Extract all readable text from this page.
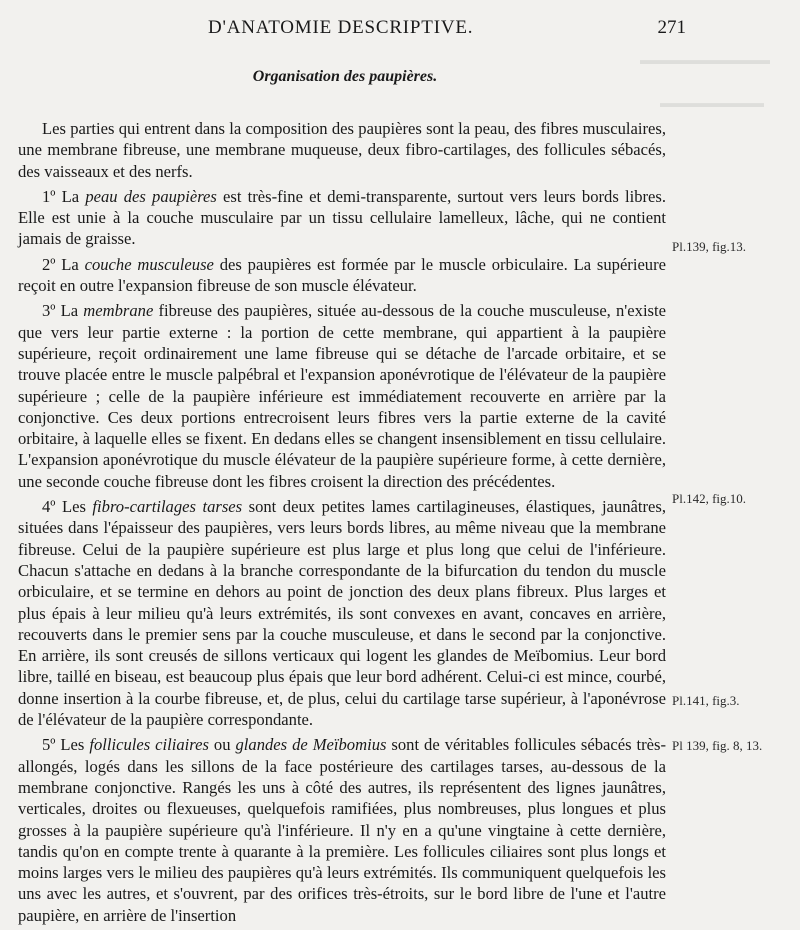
▬▬▬▬▬▬▬▬▬▬
▬▬▬▬▬▬▬▬
D'ANATOMIE DESCRIPTIVE.	271
Organisation des paupières.

Les parties qui entrent dans la composition des paupières sont la peau, des fibres musculaires, une membrane fibreuse, une membrane muqueuse, deux fibro-cartilages, des follicules sébacés, des vaisseaux et des nerfs.

1º La peau des paupières est très-fine et demi-transparente, surtout vers leurs bords libres. Elle est unie à la couche musculaire par un tissu cellulaire lamelleux, lâche, qui ne contient jamais de graisse.

2º La couche musculeuse des paupières est formée par le muscle orbiculaire. La supérieure reçoit en outre l'expansion fibreuse de son muscle élévateur.

3º La membrane fibreuse des paupières, située au-dessous de la couche musculeuse, n'existe que vers leur partie externe : la portion de cette membrane, qui appartient à la paupière supérieure, reçoit ordinairement une lame fibreuse qui se détache de l'arcade orbitaire, et se trouve placée entre le muscle palpébral et l'expansion aponévrotique de l'élévateur de la paupière supérieure ; celle de la paupière inférieure est immédiatement recouverte en arrière par la conjonctive. Ces deux portions entrecroisent leurs fibres vers la partie externe de la cavité orbitaire, à laquelle elles se fixent. En dedans elles se changent insensiblement en tissu cellulaire. L'expansion aponévrotique du muscle élévateur de la paupière supérieure forme, à cette dernière, une seconde couche fibreuse dont les fibres croisent la direction des précédentes.

4º Les fibro-cartilages tarses sont deux petites lames cartilagineuses, élastiques, jaunâtres, situées dans l'épaisseur des paupières, vers leurs bords libres, au même niveau que la membrane fibreuse. Celui de la paupière supérieure est plus large et plus long que celui de l'inférieure. Chacun s'attache en dedans à la branche correspondante de la bifurcation du tendon du muscle orbiculaire, et se termine en dehors au point de jonction des deux plans fibreux. Plus larges et plus épais à leur milieu qu'à leurs extrémités, ils sont convexes en avant, concaves en arrière, recouverts dans le premier sens par la couche musculeuse, et dans le second par la conjonctive. En arrière, ils sont creusés de sillons verticaux qui logent les glandes de Meïbomius. Leur bord libre, taillé en biseau, est beaucoup plus épais que leur bord adhérent. Celui-ci est mince, courbé, donne insertion à la courbe fibreuse, et, de plus, celui du cartilage tarse supérieur, à l'aponévrose de l'élévateur de la paupière correspondante.

5º Les follicules ciliaires ou glandes de Meïbomius sont de véritables follicules sébacés très-allongés, logés dans les sillons de la face postérieure des cartilages tarses, au-dessous de la membrane conjonctive. Rangés les uns à côté des autres, ils représentent des lignes jaunâtres, verticales, droites ou flexueuses, quelquefois ramifiées, plus nombreuses, plus longues et plus grosses à la paupière supérieure qu'à l'inférieure. Il n'y en a qu'une vingtaine à cette dernière, tandis qu'on en compte trente à quarante à la première. Les follicules ciliaires sont plus longs et moins larges vers le milieu des paupières qu'à leurs extrémités. Ils communiquent quelquefois les uns avec les autres, et s'ouvrent, par des orifices très-étroits, sur le bord libre de l'une et l'autre paupière, en arrière de l'insertion

Pl.139, fig.13.
Pl.142, fig.10.
Pl.141, fig.3.
Pl 139, fig. 8, 13.
